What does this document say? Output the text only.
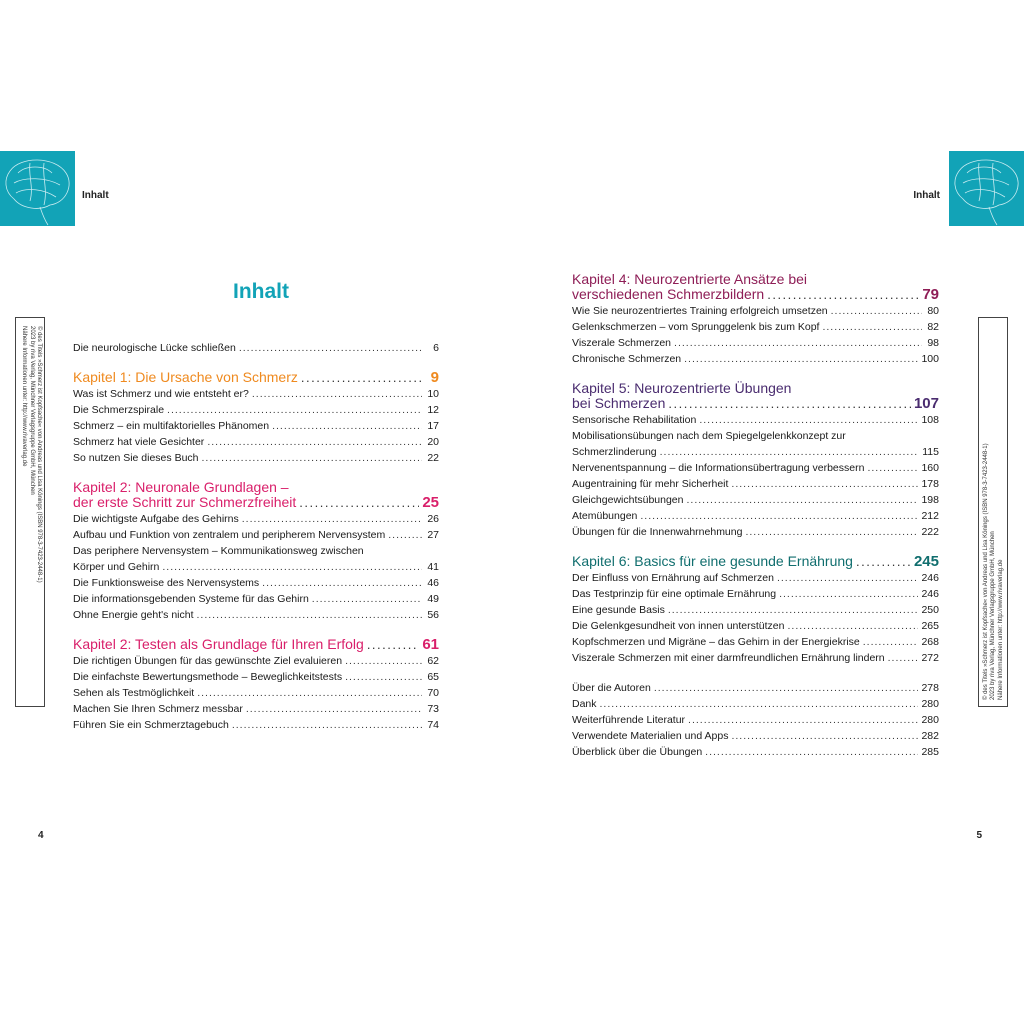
Inhalt	Inhalt
4	5
© des Titels »Schmerz ist Kopfsache« von Andreas und Lisa Könings (ISBN 978-3-7423-2448-1)
2023 by riva Verlag, Münchner Verlagsgruppe GmbH, München
Nähere Informationen unter: http://www.rivaverlag.de
© des Titels »Schmerz ist Kopfsache« von Andreas und Lisa Könings (ISBN 978-3-7423-2448-1) 2023 by riva Verlag, Münchner Verlagsgruppe GmbH, München Nähere Informationen unter: http://www.rivaverlag.de
Inhalt
Die neurologische Lücke schließen .....	6
Kapitel 1: Die Ursache von Schmerz .....	9
Was ist Schmerz und wie entsteht er? .....	10
Die Schmerzspirale .....	12
Schmerz – ein multifaktorielles Phänomen .....	17
Schmerz hat viele Gesichter .....	20
So nutzen Sie dieses Buch .....	22
Kapitel 2: Neuronale Grundlagen –
der erste Schritt zur Schmerzfreiheit .....	25
Die wichtigste Aufgabe des Gehirns .....	26
Aufbau und Funktion von zentralem und peripherem Nervensystem .....	27
Das periphere Nervensystem – Kommunikationsweg zwischen
Körper und Gehirn .....	41
Die Funktionsweise des Nervensystems .....	46
Die informationsgebenden Systeme für das Gehirn .....	49
Ohne Energie geht's nicht .....	56
Kapitel 2: Testen als Grundlage für Ihren Erfolg .....	61
Die richtigen Übungen für das gewünschte Ziel evaluieren .....	62
Die einfachste Bewertungsmethode – Beweglichkeitstests .....	65
Sehen als Testmöglichkeit .....	70
Machen Sie Ihren Schmerz messbar .....	73
Führen Sie ein Schmerztagebuch .....	74
Kapitel 4: Neurozentrierte Ansätze bei
verschiedenen Schmerzbildern .....	79
Wie Sie neurozentriertes Training erfolgreich umsetzen .....	80
Gelenkschmerzen – vom Sprunggelenk bis zum Kopf .....	82
Viszerale Schmerzen .....	98
Chronische Schmerzen .....	100
Kapitel 5: Neurozentrierte Übungen
bei Schmerzen .....	107
Sensorische Rehabilitation .....	108
Mobilisationsübungen nach dem Spiegelgelenkkonzept zur
Schmerzlinderung .....	115
Nervenentspannung – die Informationsübertragung verbessern .....	160
Augentraining für mehr Sicherheit .....	178
Gleichgewichtsübungen .....	198
Atemübungen .....	212
Übungen für die Innenwahrnehmung .....	222
Kapitel 6: Basics für eine gesunde Ernährung .....	245
Der Einfluss von Ernährung auf Schmerzen .....	246
Das Testprinzip für eine optimale Ernährung .....	246
Eine gesunde Basis .....	250
Die Gelenkgesundheit von innen unterstützen .....	265
Kopfschmerzen und Migräne – das Gehirn in der Energiekrise .....	268
Viszerale Schmerzen mit einer darmfreundlichen Ernährung lindern .....	272
Über die Autoren .....	278
Dank .....	280
Weiterführende Literatur .....	280
Verwendete Materialien und Apps .....	282
Überblick über die Übungen .....	285
